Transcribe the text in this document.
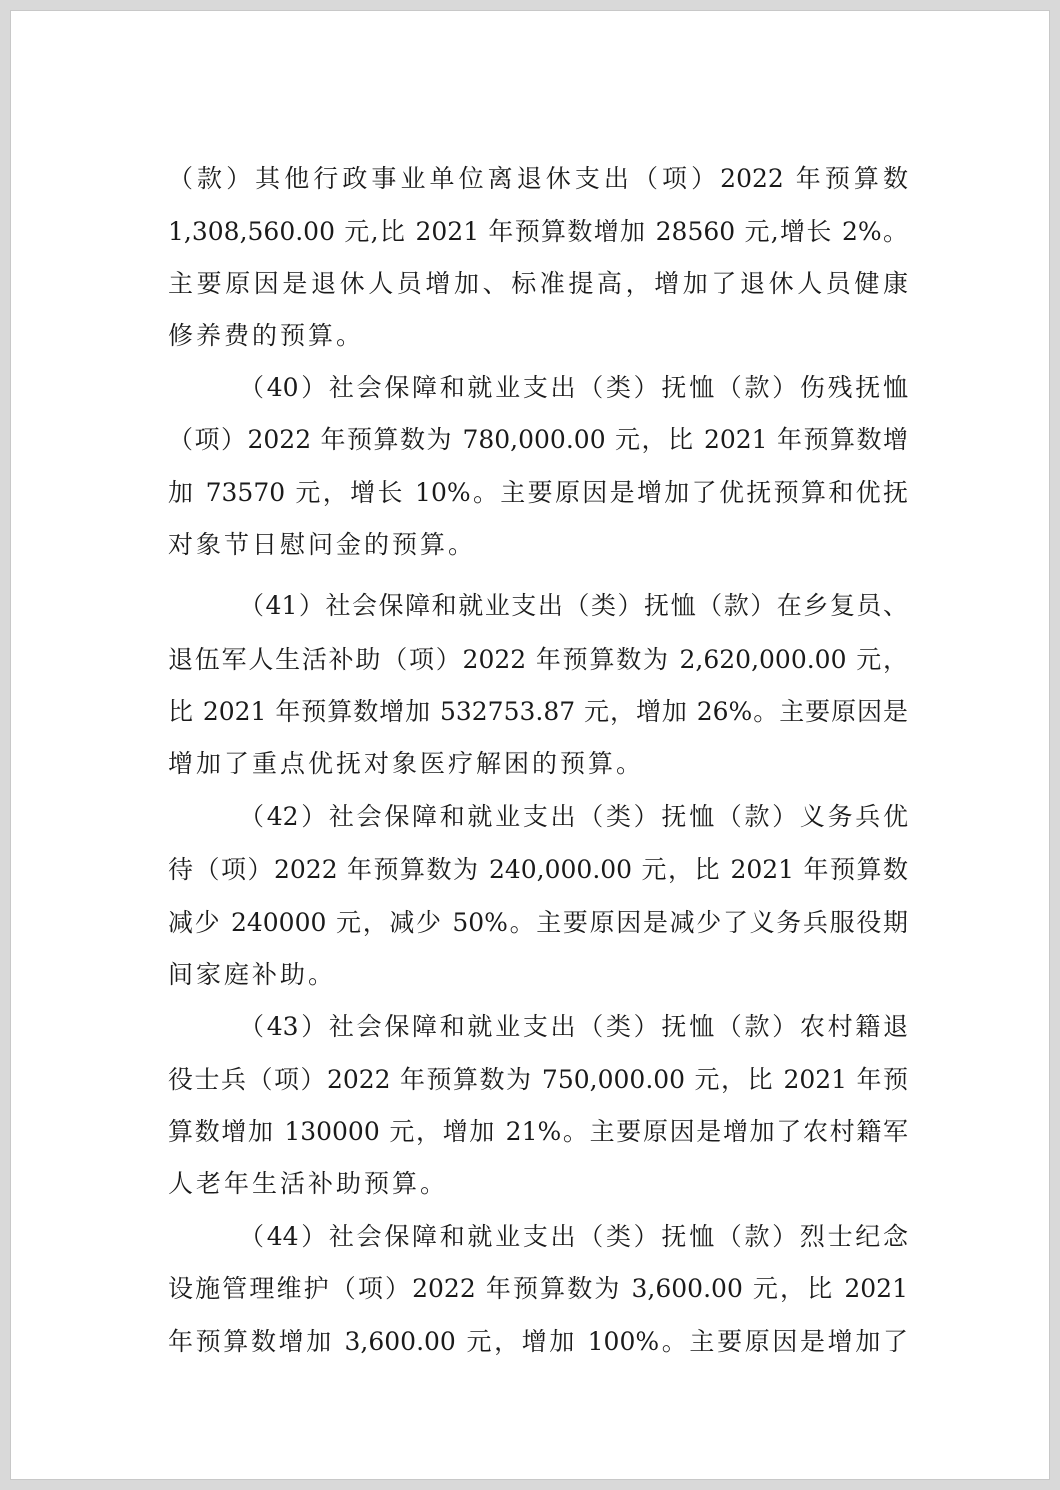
（款）其他行政事业单位离退休支出（项）2022 年预算数
1,308,560.00 元,比 2021 年预算数增加 28560 元,增长 2%。
主要原因是退休人员增加、标准提高，增加了退休人员健康
修养费的预算。
（40）社会保障和就业支出（类）抚恤（款）伤残抚恤
（项）2022 年预算数为 780,000.00 元，比 2021 年预算数增
加 73570 元，增长 10%。主要原因是增加了优抚预算和优抚
对象节日慰问金的预算。
（41）社会保障和就业支出（类）抚恤（款）在乡复员、
退伍军人生活补助（项）2022 年预算数为 2,620,000.00 元，
比 2021 年预算数增加 532753.87 元，增加 26%。主要原因是
增加了重点优抚对象医疗解困的预算。
（42）社会保障和就业支出（类）抚恤（款）义务兵优
待（项）2022 年预算数为 240,000.00 元，比 2021 年预算数
减少 240000 元，减少 50%。主要原因是减少了义务兵服役期
间家庭补助。
（43）社会保障和就业支出（类）抚恤（款）农村籍退
役士兵（项）2022 年预算数为 750,000.00 元，比 2021 年预
算数增加 130000 元，增加 21%。主要原因是增加了农村籍军
人老年生活补助预算。
（44）社会保障和就业支出（类）抚恤（款）烈士纪念
设施管理维护（项）2022 年预算数为 3,600.00 元，比 2021
年预算数增加 3,600.00 元，增加 100%。主要原因是增加了
